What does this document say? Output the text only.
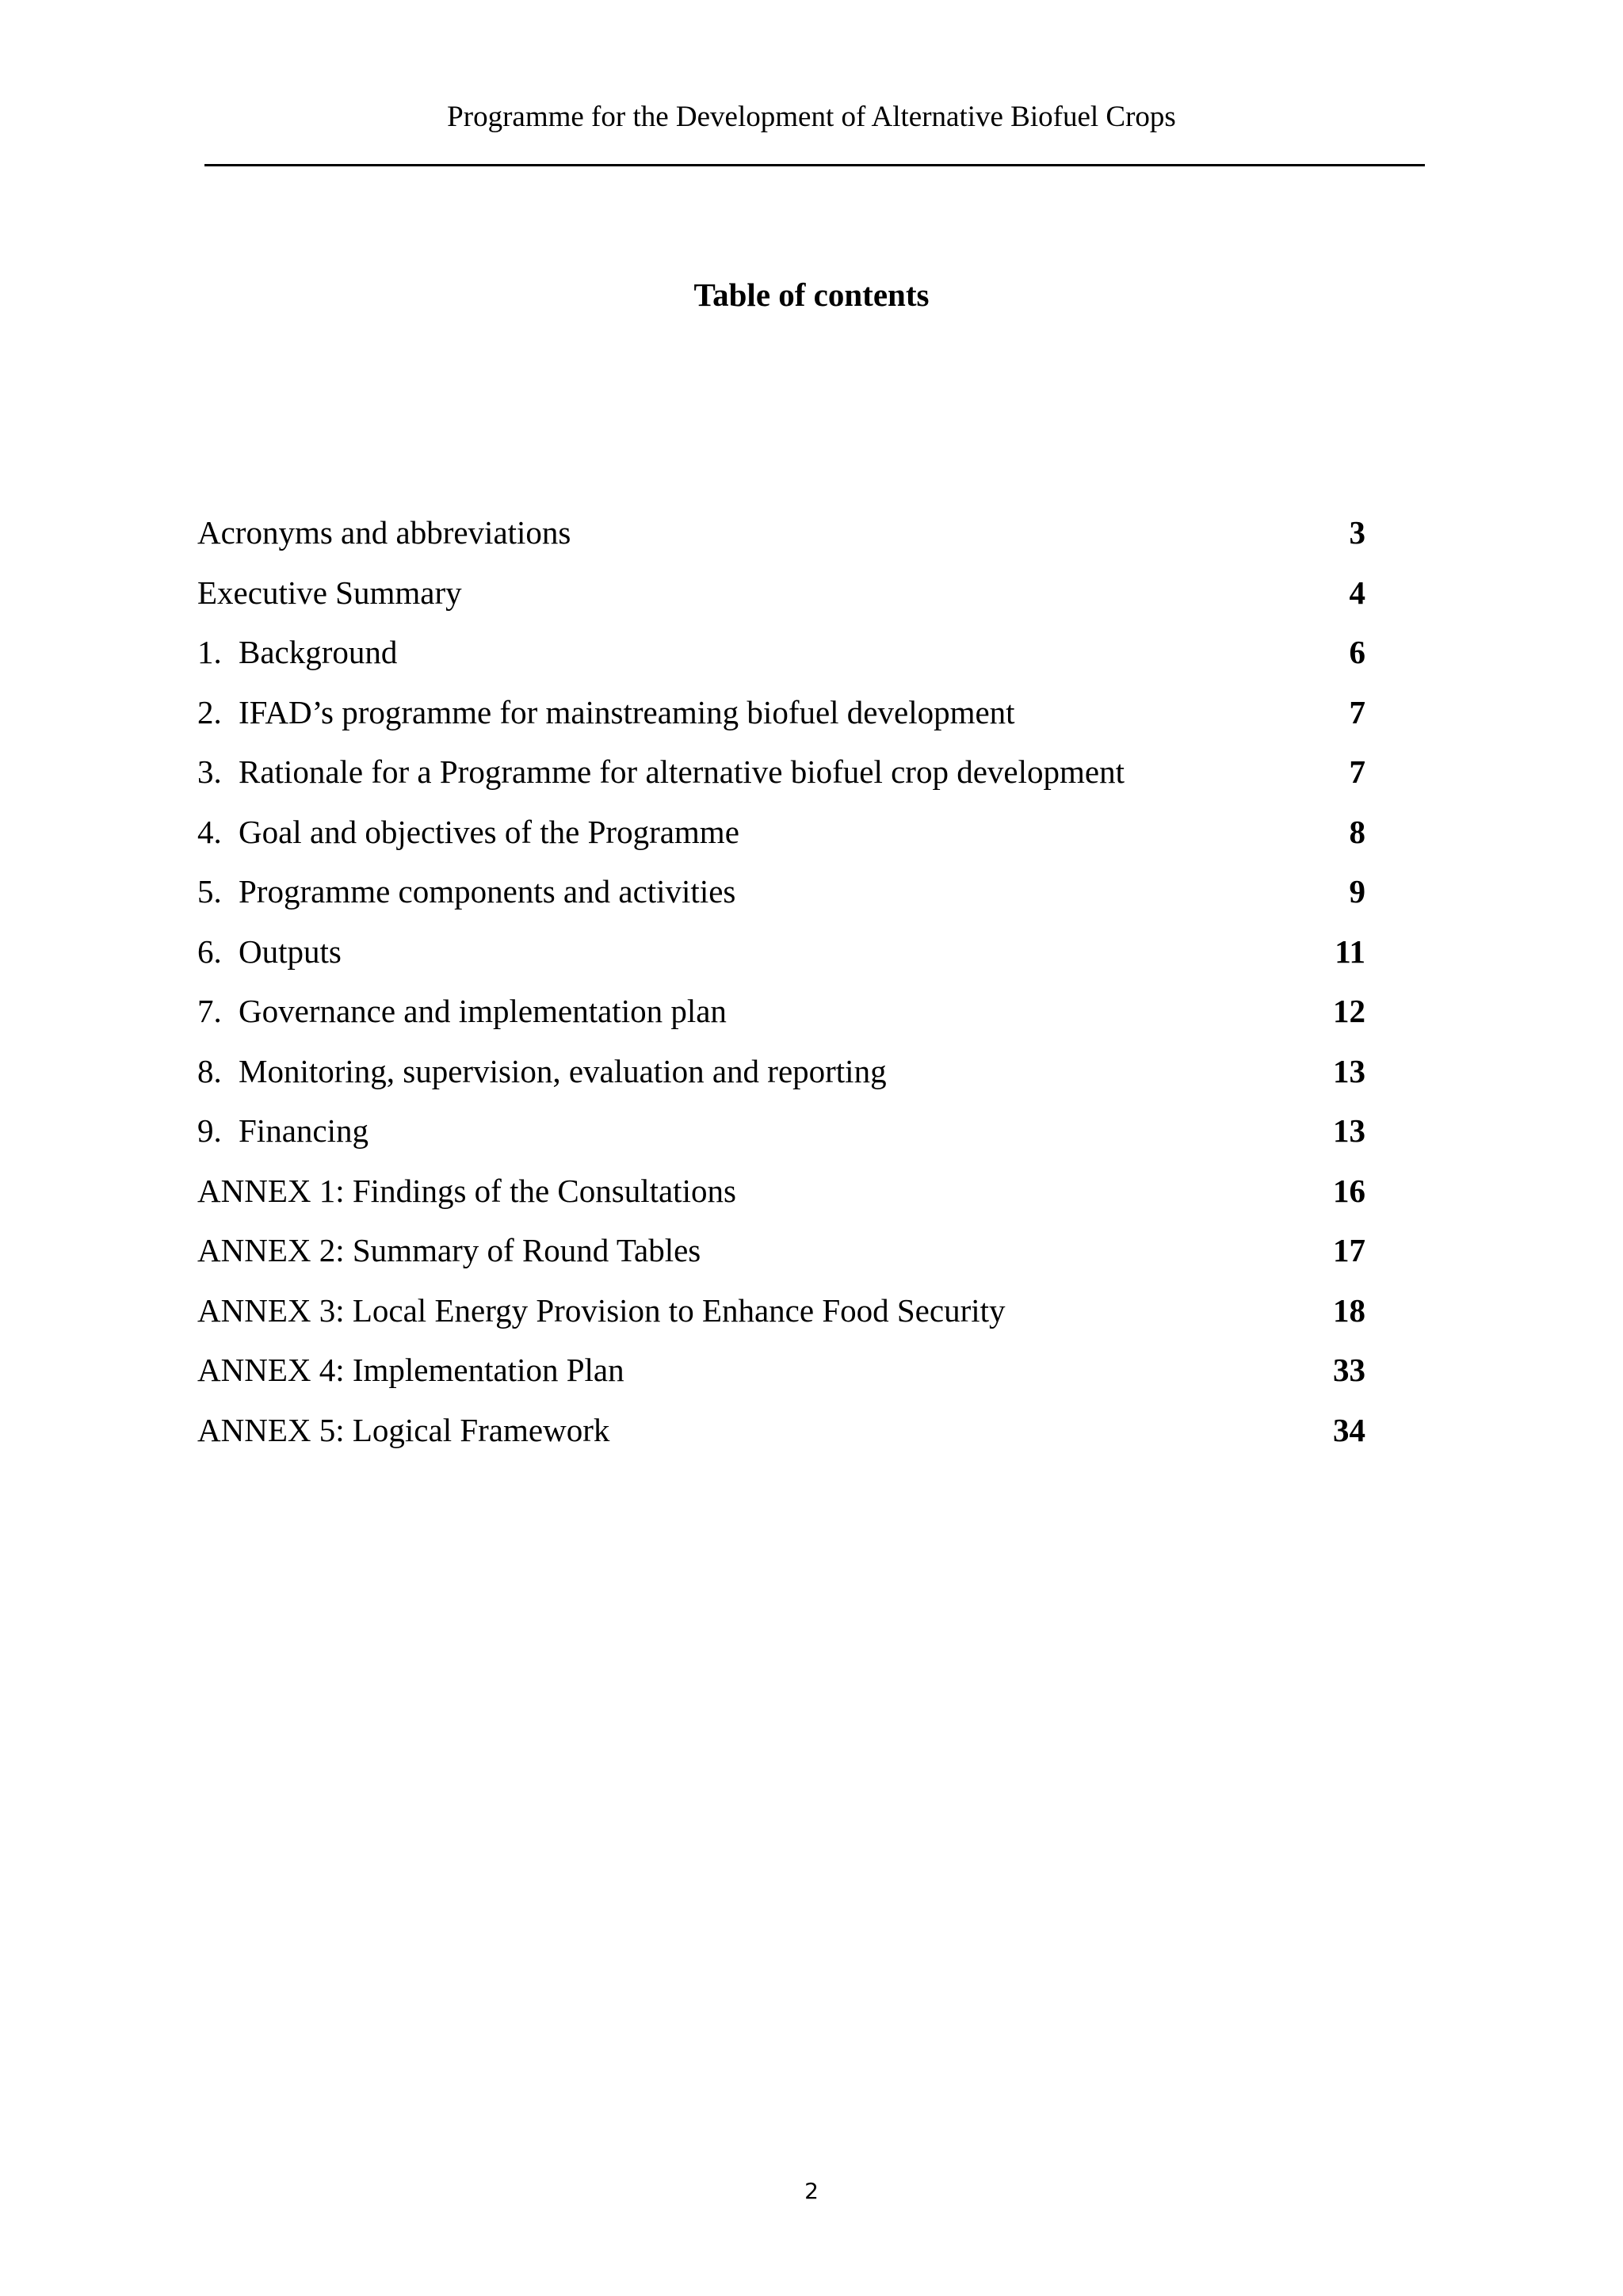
Programme for the Development of Alternative Biofuel Crops
Table of contents
Acronyms and abbreviations	3
Executive Summary	4
1. Background	6
2. IFAD’s programme for mainstreaming biofuel development	7
3. Rationale for a Programme for alternative biofuel crop development	7
4. Goal and objectives of the Programme	8
5. Programme components and activities	9
6. Outputs	11
7. Governance and implementation plan	12
8. Monitoring, supervision, evaluation and reporting	13
9. Financing	13
ANNEX 1: Findings of the Consultations	16
ANNEX 2: Summary of Round Tables	17
ANNEX 3: Local Energy Provision to Enhance Food Security	18
ANNEX 4: Implementation Plan	33
ANNEX 5: Logical Framework	34
2
